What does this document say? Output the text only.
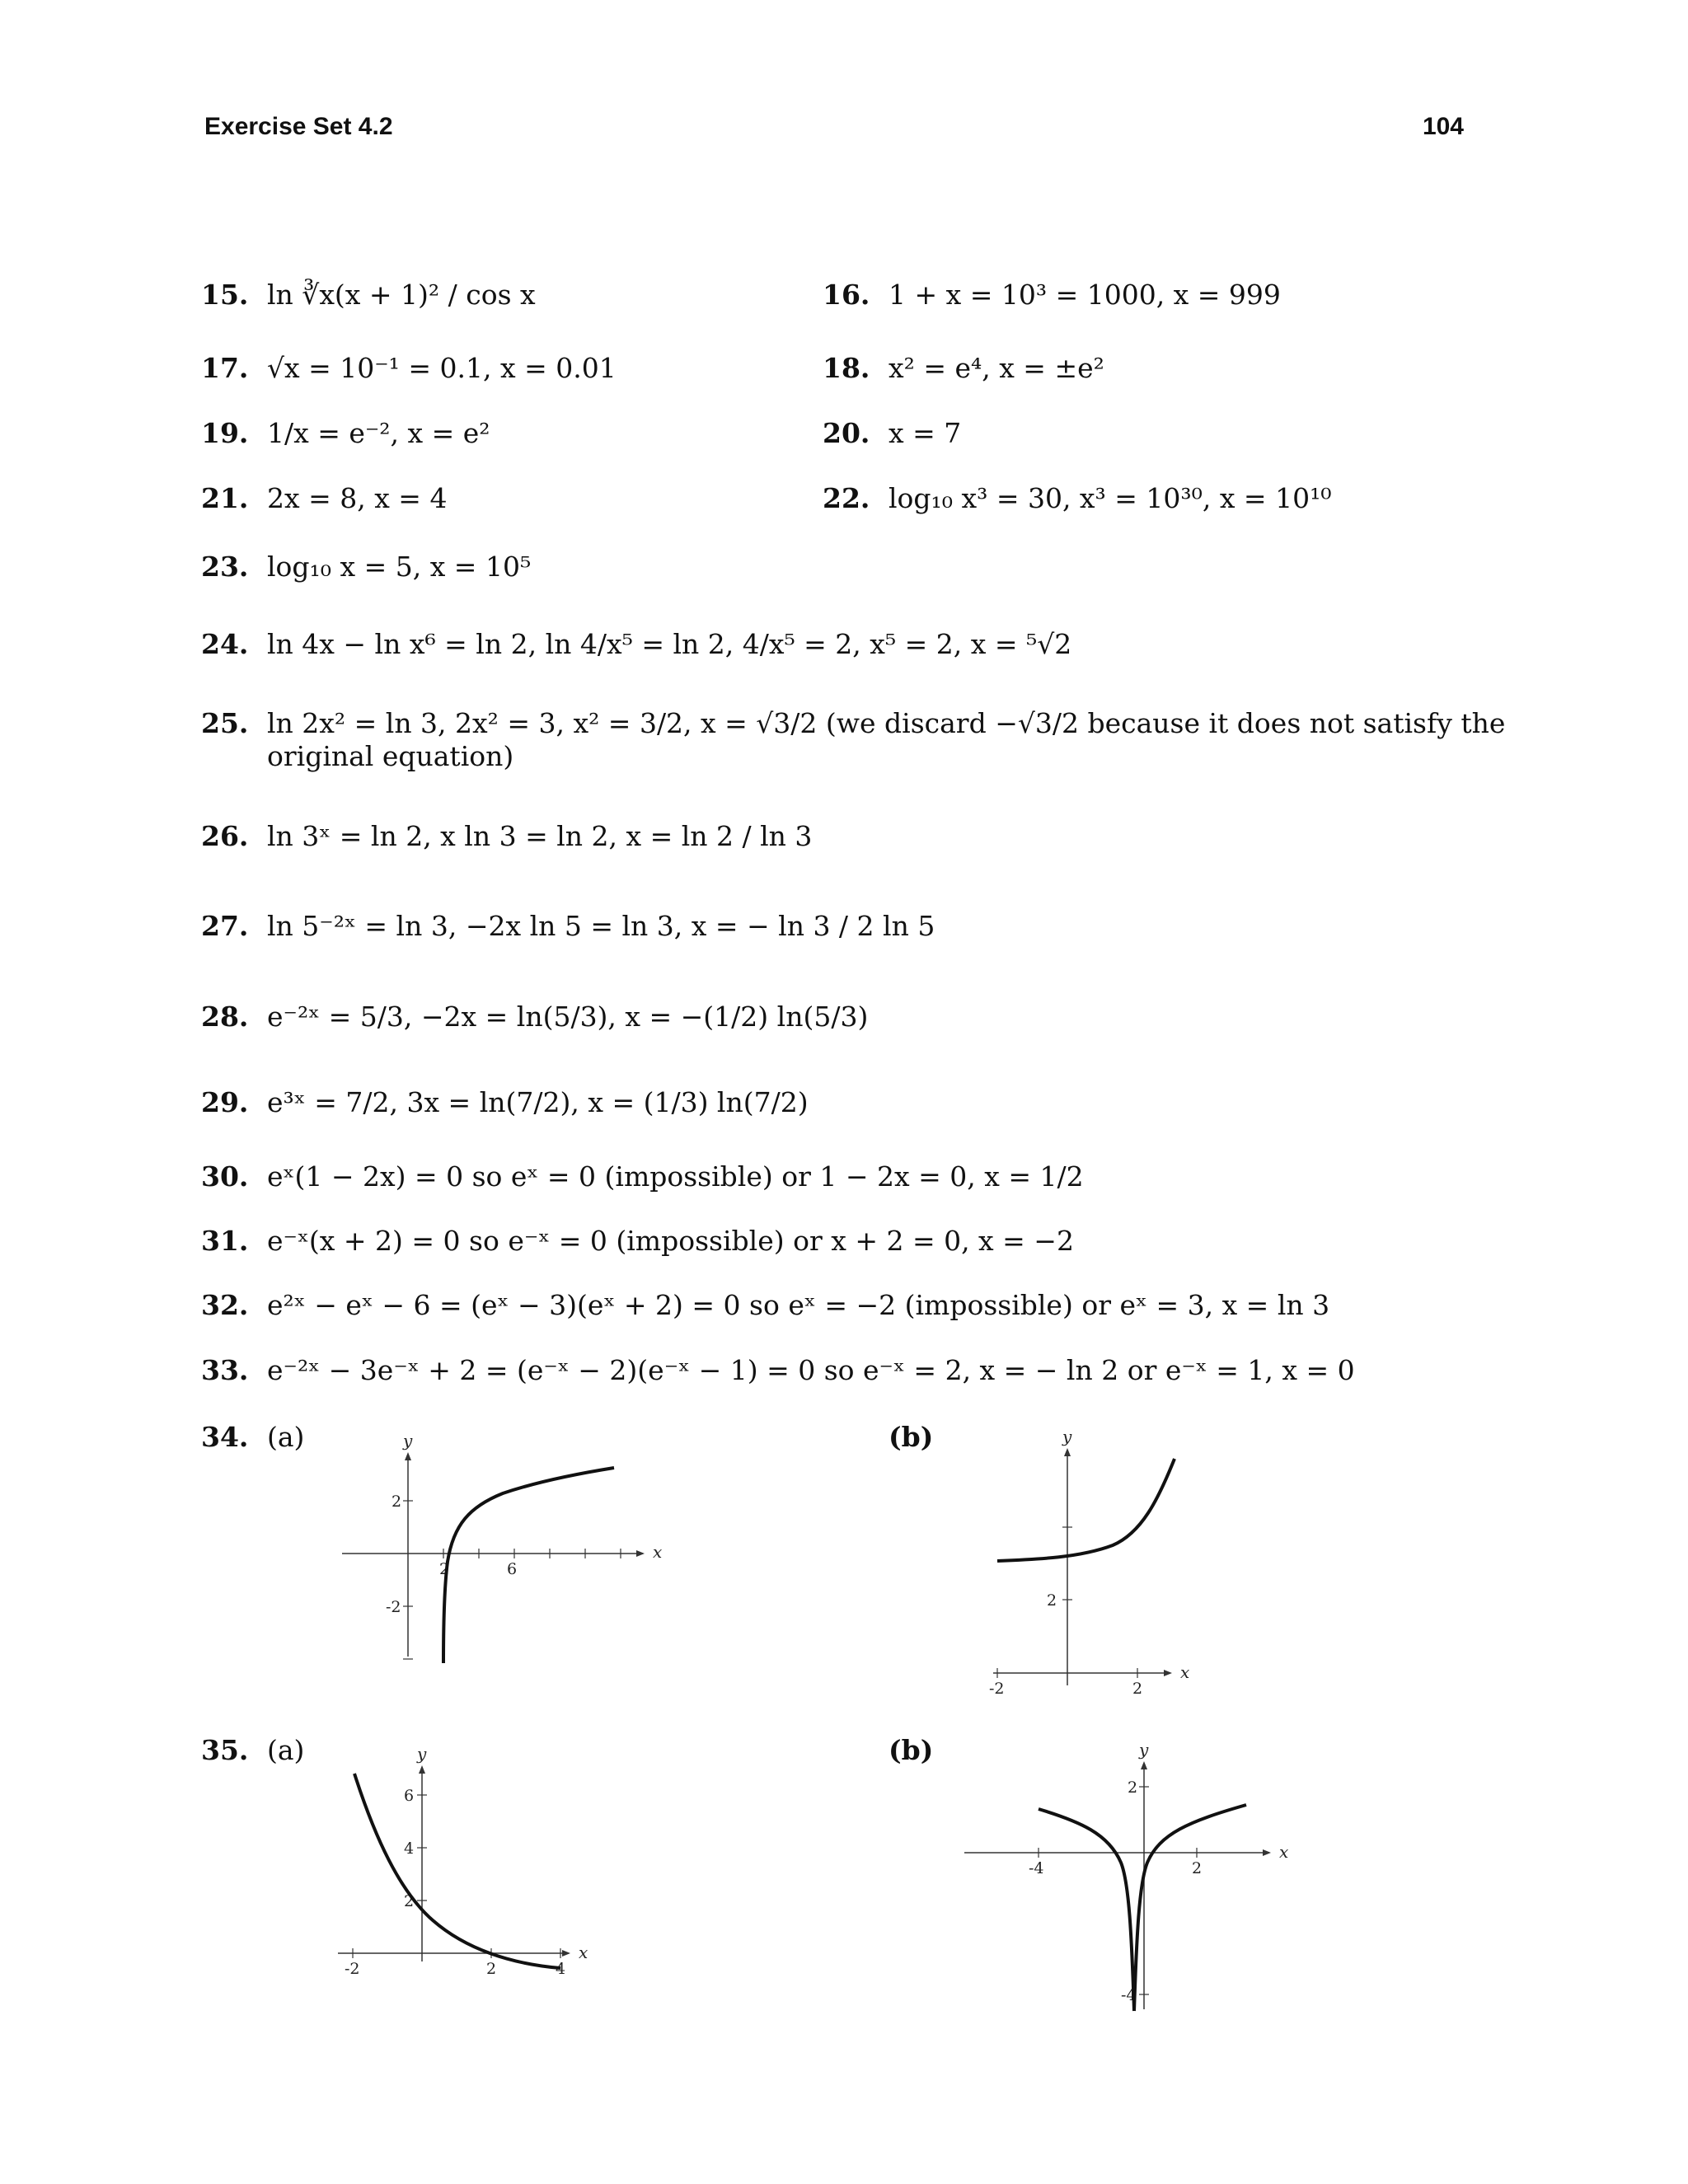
Exercise Set 4.2	104
15. ln ∛x(x + 1)² / cos x	16. 1 + x = 10³ = 1000, x = 999
17. √x = 10⁻¹ = 0.1, x = 0.01	18. x² = e⁴, x = ±e²
19. 1/x = e⁻², x = e²	20. x = 7
21. 2x = 8, x = 4	22. log₁₀ x³ = 30, x³ = 10³⁰, x = 10¹⁰
23. log₁₀ x = 5, x = 10⁵
24. ln 4x − ln x⁶ = ln 2, ln 4/x⁵ = ln 2, 4/x⁵ = 2, x⁵ = 2, x = ⁵√2
25. ln 2x² = ln 3, 2x² = 3, x² = 3/2, x = √3/2 (we discard −√3/2 because it does not satisfy the original equation)
26. ln 3ˣ = ln 2, x ln 3 = ln 2, x = ln 2 / ln 3
27. ln 5⁻²ˣ = ln 3, −2x ln 5 = ln 3, x = − ln 3 / 2 ln 5
28. e⁻²ˣ = 5/3, −2x = ln(5/3), x = −(1/2) ln(5/3)
29. e³ˣ = 7/2, 3x = ln(7/2), x = (1/3) ln(7/2)
30. eˣ(1 − 2x) = 0 so eˣ = 0 (impossible) or 1 − 2x = 0, x = 1/2
31. e⁻ˣ(x + 2) = 0 so e⁻ˣ = 0 (impossible) or x + 2 = 0, x = −2
32. e²ˣ − eˣ − 6 = (eˣ − 3)(eˣ + 2) = 0 so eˣ = −2 (impossible) or eˣ = 3, x = ln 3
33. e⁻²ˣ − 3e⁻ˣ + 2 = (e⁻ˣ − 2)(e⁻ˣ − 1) = 0 so e⁻ˣ = 2, x = − ln 2 or e⁻ˣ = 1, x = 0
34. (a)	(b)
35. (a)	(b)
x
y
2
-2
2	6
x
y
2
-2	2
x
y
6
4
2
-2	2	4
x
y
2
-4
-4
2
